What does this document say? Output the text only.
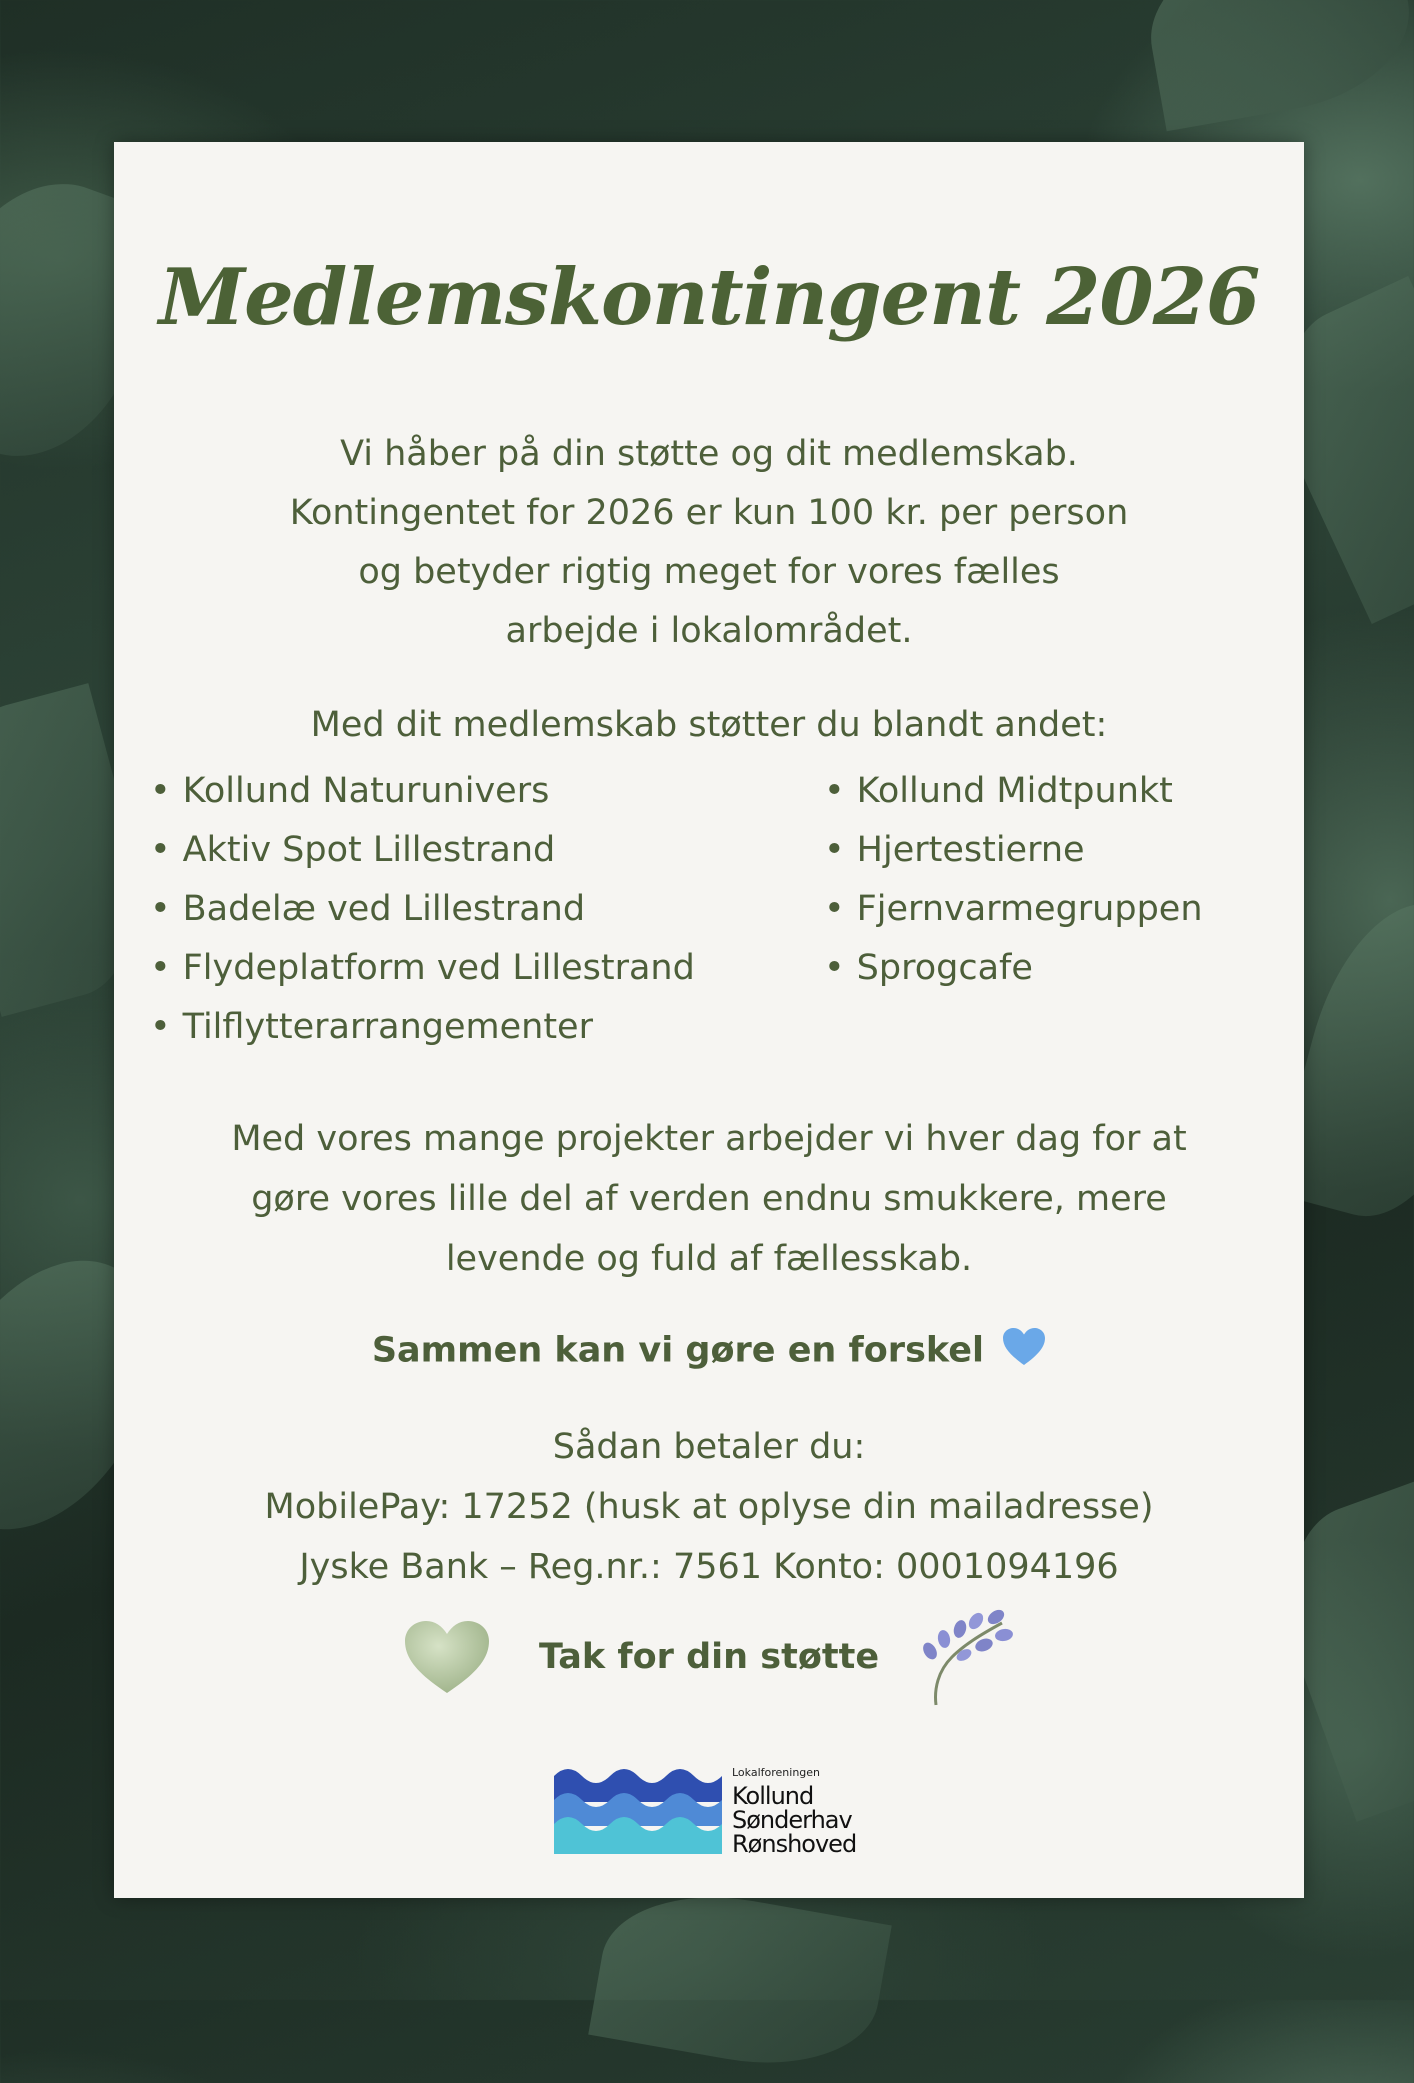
Medlemskontingent 2026
Vi håber på din støtte og dit medlemskab.
Kontingentet for 2026 er kun 100 kr. per person
og betyder rigtig meget for vores fælles
arbejde i lokalområdet.
Med dit medlemskab støtter du blandt andet:
• Kollund Naturunivers
• Aktiv Spot Lillestrand
• Badelæ ved Lillestrand
• Flydeplatform ved Lillestrand
• Tilflytterarrangementer
• Kollund Midtpunkt
• Hjertestierne
• Fjernvarmegruppen
• Sprogcafe
Med vores mange projekter arbejder vi hver dag for at
gøre vores lille del af verden endnu smukkere, mere
levende og fuld af fællesskab.
Sammen kan vi gøre en forskel
Sådan betaler du:
MobilePay: 17252 (husk at oplyse din mailadresse)
Jyske Bank – Reg.nr.: 7561 Konto: 0001094196
Tak for din støtte
Lokalforeningen
Kollund
Sønderhav
Rønshoved
